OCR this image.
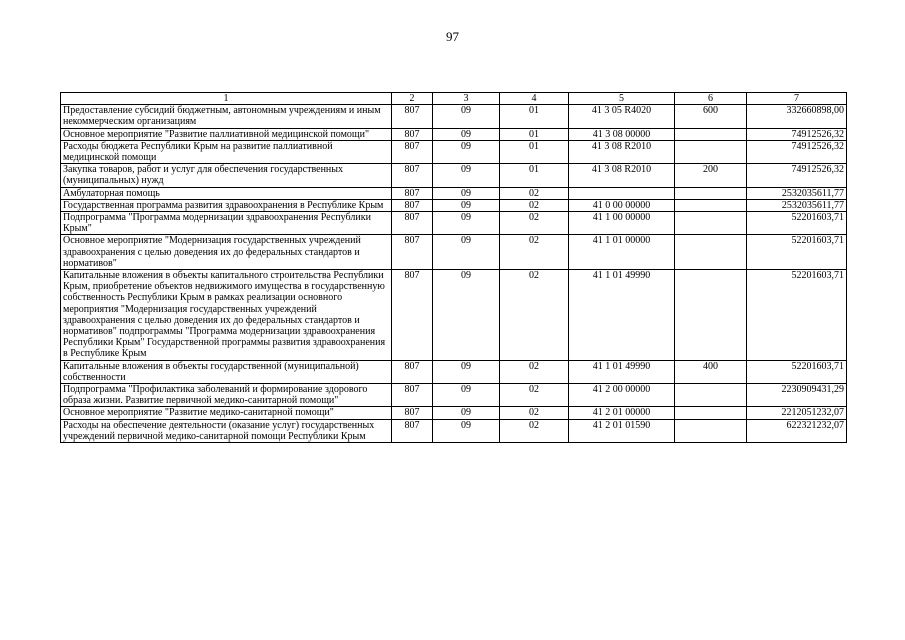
97
1	2	3	4	5	6	7
Предоставление субсидий бюджетным, автономным учреждениям и иным некоммерческим организациям	807	09	01	41 3 05 R4020	600	332660898,00
Основное мероприятие "Развитие паллиативной медицинской помощи"	807	09	01	41 3 08 00000		74912526,32
Расходы бюджета Республики Крым на развитие паллиативной медицинской помощи	807	09	01	41 3 08 R2010		74912526,32
Закупка товаров, работ и услуг для обеспечения государственных (муниципальных) нужд	807	09	01	41 3 08 R2010	200	74912526,32
Амбулаторная помощь	807	09	02			2532035611,77
Государственная программа развития здравоохранения в Республике Крым	807	09	02	41 0 00 00000		2532035611,77
Подпрограмма "Программа модернизации здравоохранения Республики Крым"	807	09	02	41 1 00 00000		52201603,71
Основное мероприятие "Модернизация государственных учреждений здравоохранения с целью доведения их до федеральных стандартов и нормативов"	807	09	02	41 1 01 00000		52201603,71
Капитальные вложения в объекты капитального строительства Республики Крым, приобретение объектов недвижимого имущества в государственную собственность Республики Крым в рамках реализации основного мероприятия "Модернизация государственных учреждений здравоохранения с целью доведения их до федеральных стандартов и нормативов" подпрограммы "Программа модернизации здравоохранения Республики Крым" Государственной программы развития здравоохранения в Республике Крым	807	09	02	41 1 01 49990		52201603,71
Капитальные вложения в объекты государственной (муниципальной) собственности	807	09	02	41 1 01 49990	400	52201603,71
Подпрограмма "Профилактика заболеваний и формирование здорового образа жизни. Развитие первичной медико-санитарной помощи"	807	09	02	41 2 00 00000		2230909431,29
Основное мероприятие "Развитие медико-санитарной помощи"	807	09	02	41 2 01 00000		2212051232,07
Расходы на обеспечение деятельности (оказание услуг) государственных учреждений первичной медико-санитарной помощи Республики Крым	807	09	02	41 2 01 01590		622321232,07
